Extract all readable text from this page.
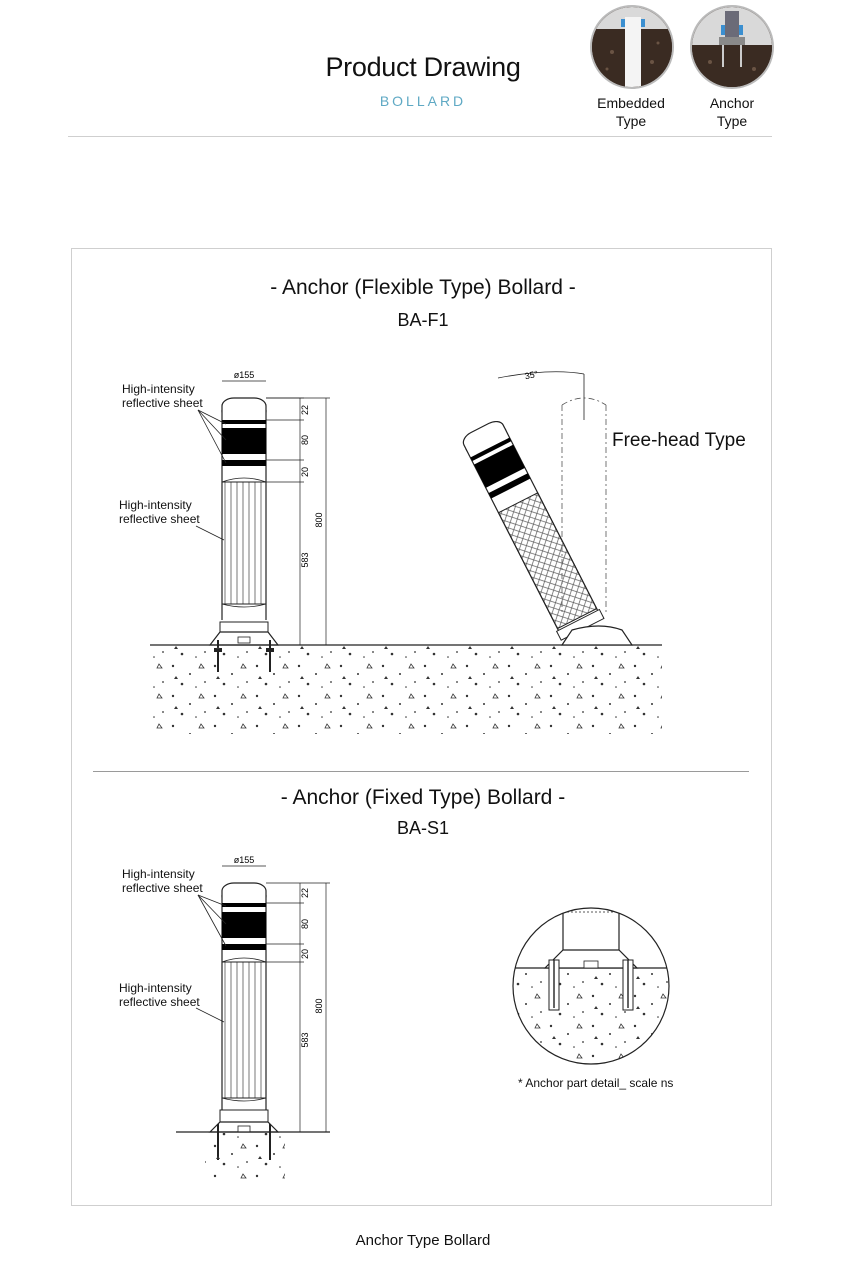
Product Drawing
BOLLARD	Embedded
Type
Anchor
Type
- Anchor (Flexible Type) Bollard -
BA-F1
High-intensity
reflective sheet
High-intensity
reflective sheet
Free-head Type
- Anchor (Fixed Type) Bollard -
BA-S1
High-intensity
reflective sheet
High-intensity
reflective sheet
* Anchor part detail_ scale ns
Anchor Type Bollard
ø155
22
80
20
583
800
35°
ø155
22
80
20
583
800
